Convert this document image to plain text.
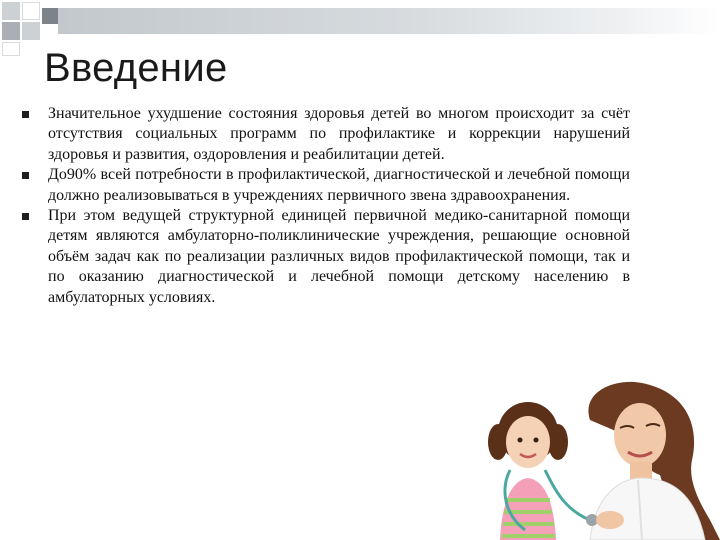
Введение
Значительное ухудшение состояния здоровья детей во многом происходит за счёт отсутствия социальных программ по профилактике и коррекции нарушений здоровья и развития, оздоровления и реабилитации детей.
До90% всей потребности в профилактической, диагностической и лечебной помощи должно реализовываться в учреждениях первичного звена здравоохранения.
При этом ведущей структурной единицей первичной медико-санитарной помощи детям являются амбулаторно-поликлинические учреждения, решающие основной объём задач как по реализации различных видов профилактической помощи, так и по оказанию диагностической и лечебной помощи детскому населению в амбулаторных условиях.
